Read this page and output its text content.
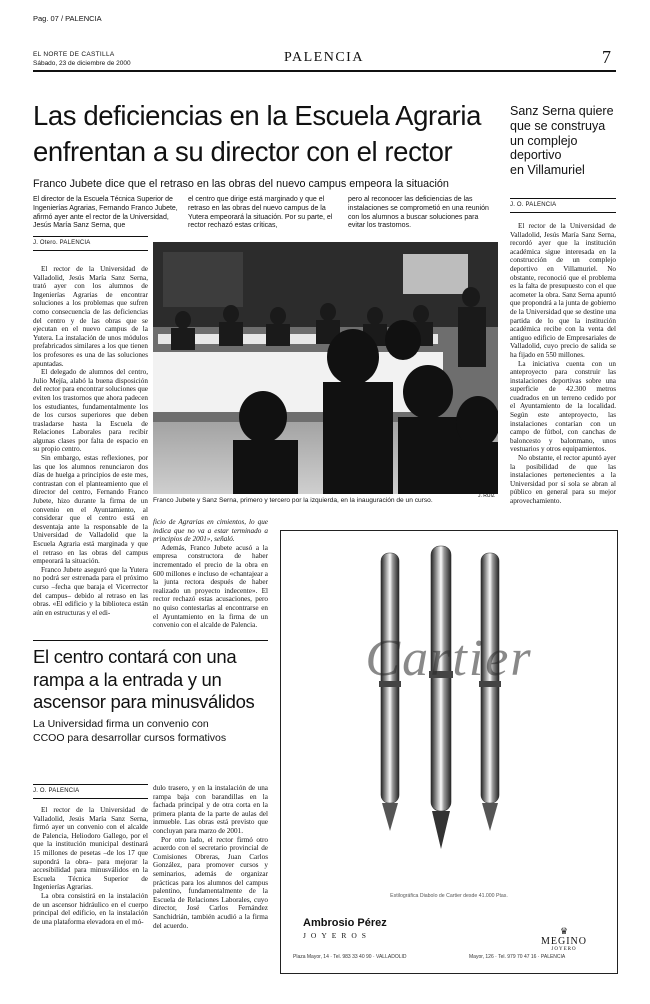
Pag. 07 / PALENCIA
EL NORTE DE CASTILLA
Sábado, 23 de diciembre de 2000	PALENCIA	7
Las deficiencias en la Escuela Agraria
enfrentan a su director con el rector
Franco Jubete dice que el retraso en las obras del nuevo campus empeora la situación
El director de la Escuela Técnica Superior de Ingenierías Agrarias, Fernando Franco Jubete, afirmó ayer ante el rector de la Universidad, Jesús María Sanz Serna, que
el centro que dirige está marginado y que el retraso en las obras del nuevo campus de la Yutera empeorará la situación. Por su parte, el rector rechazó estas críticas,
pero al reconocer las deficiencias de las instalaciones se comprometió en una reunión con los alumnos a buscar soluciones para evitar los trastornos.
J. Otero. PALENCIA

El rector de la Universidad de Valladolid, Jesús María Sanz Serna, trató ayer con los alumnos de Ingenierías Agrarias de encontrar soluciones a los problemas que sufren como consecuencia de las deficiencias del centro y de las obras que se ejecutan en el nuevo campus de la Yutera. La instalación de unos módulos prefabricados similares a los que tienen los profesores es una de las soluciones apuntadas.

El delegado de alumnos del centro, Julio Mejía, alabó la buena disposición del rector para encontrar soluciones que eviten los trastornos que ahora padecen los estudiantes, fundamentalmente los de los cursos superiores que deben trasladarse hasta la Escuela de Relaciones Laborales para recibir algunas clases por falta de espacio en su propio centro.

Sin embargo, estas reflexiones, por las que los alumnos renunciaron dos días de huelga a principios de este mes, contrastan con el planteamiento que el director del centro, Fernando Franco Jubete, hizo durante la firma de un convenio en el Ayuntamiento, al considerar que el centro está en desventaja ante la responsable de la Universidad de Valladolid que la Escuela Agraria está marginada y que el retraso en las obras del campus empeorará la situación.

Franco Jubete aseguró que la Yutera no podrá ser estrenada para el próximo curso –fecha que baraja el Vicerrector del campus– debido al retraso en las obras. «El edificio y la biblioteca están aún en estructuras y el edi-

Franco Jubete y Sanz Serna, primero y tercero por la izquierda, en la inauguración de un curso.
J. RUIZ

ficio de Agrarias en cimientos, lo que indica que no va a estar terminado a principios de 2001», señaló.

Además, Franco Jubete acusó a la empresa constructora de haber incrementado el precio de la obra en 600 millones e incluso de «chantajear a la junta rectora después de haber realizado un proyecto indecente». El rector rechazó estas acusaciones, pero no quiso contestarlas al encontrarse en el Ayuntamiento en la firma de un convenio con el alcalde de Palencia.

Sanz Serna quiere
que se construya
un complejo
deportivo
en Villamuriel
J. O. PALENCIA

El rector de la Universidad de Valladolid, Jesús María Sanz Serna, recordó ayer que la institución académica sigue interesada en la construcción de un complejo deportivo en Villamuriel. No obstante, reconoció que el problema es la falta de presupuesto con el que acometer la obra. Sanz Serna apuntó que propondrá a la junta de gobierno de la Universidad que se destine una partida de lo que la institución académica recibe con la venta del antiguo edificio de Empresariales de Valladolid, cuyo precio de salida se ha fijado en 550 millones.

La iniciativa cuenta con un anteproyecto para construir las instalaciones deportivas sobre una superficie de 42.300 metros cuadrados en un terreno cedido por el Ayuntamiento de la localidad. Según este anteproyecto, las instalaciones contarían con un campo de fútbol, con canchas de baloncesto y balonmano, unos vestuarios y otros equipamientos.

No obstante, el rector apuntó ayer la posibilidad de que las instalaciones pertenecientes a la Universidad por sí sola se abran al público en general para su mejor aprovechamiento.

El centro contará con una
rampa a la entrada y un
ascensor para minusválidos
La Universidad firma un convenio con
CCOO para desarrollar cursos formativos
J. O. PALENCIA

El rector de la Universidad de Valladolid, Jesús María Sanz Serna, firmó ayer un convenio con el alcalde de Palencia, Heliodoro Gallego, por el que la institución municipal destinará 15 millones de pesetas –de los 17 que supondrá la obra– para mejorar la accesibilidad para minusválidos en la Escuela Técnica Superior de Ingenierías Agrarias.

La obra consistirá en la instalación de un ascensor hidráulico en el cuerpo principal del edificio, en la instalación de una plataforma elevadora en el mó-

dulo trasero, y en la instalación de una rampa baja con barandillas en la fachada principal y de otra corta en la primera planta de la parte de aulas del inmueble. Las obras está previsto que concluyan para marzo de 2001.

Por otro lado, el rector firmó otro acuerdo con el secretario provincial de Comisiones Obreras, Juan Carlos González, para promover cursos y seminarios, además de organizar prácticas para los alumnos del campus palentino, fundamentalmente de la Escuela de Relaciones Laborales, cuyo director, José Carlos Fernández Sanchidrián, también acudió a la firma del acuerdo.

Cartier
Estilográfica Diabolo de Cartier desde 41.000 Ptas.
Ambrosio Pérez
JOYEROS
Plaza Mayor, 14 · Tel. 983 33 40 90 · VALLADOLID
♛
MEGINO
JOYERO
Mayor, 126 · Tel. 979 70 47 16 · PALENCIA
